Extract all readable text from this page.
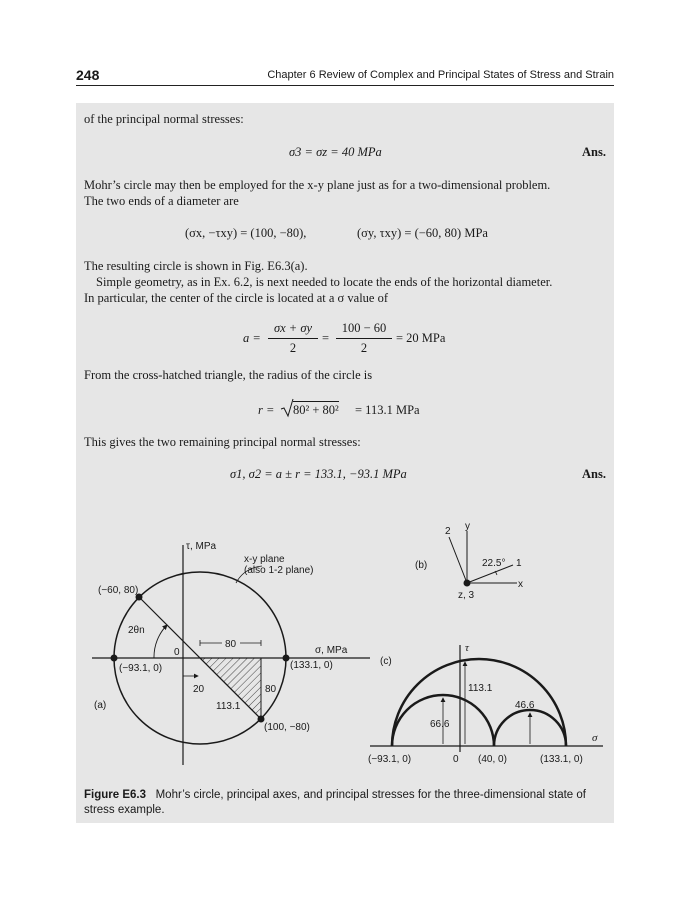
248	Chapter 6 Review of Complex and Principal States of Stress and Strain
of the principal normal stresses:
σ3 = σz = 40 MPa	Ans.
Mohr’s circle may then be employed for the x-y plane just as for a two-dimensional problem.
The two ends of a diameter are
(σx, −τxy) = (100, −80),	(σy, τxy) = (−60, 80) MPa
The resulting circle is shown in Fig. E6.3(a).
Simple geometry, as in Ex. 6.2, is next needed to locate the ends of the horizontal diameter.
In particular, the center of the circle is located at a σ value of
a =
σx + σy
2
=
100 − 60
2
= 20 MPa
From the cross-hatched triangle, the radius of the circle is
r = 80² + 80² = 113.1 MPa
This gives the two remaining principal normal stresses:
σ1, σ2 = a ± r = 133.1, −93.1 MPa	Ans.
τ, MPa
x-y plane
(also 1-2 plane)
(−60, 80)
2θn
0
80
(−93.1, 0)
σ, MPa
(133.1, 0)
20	80
113.1
(a)
(100, −80)
y
2
(b)	22.5° 1
x
z, 3
τ
(c)
113.1
46.6
66.6
σ
(−93.1, 0)	0 (40, 0)	(133.1, 0)
Figure E6.3 Mohr’s circle, principal axes, and principal stresses for the three-dimensional state of stress example.
